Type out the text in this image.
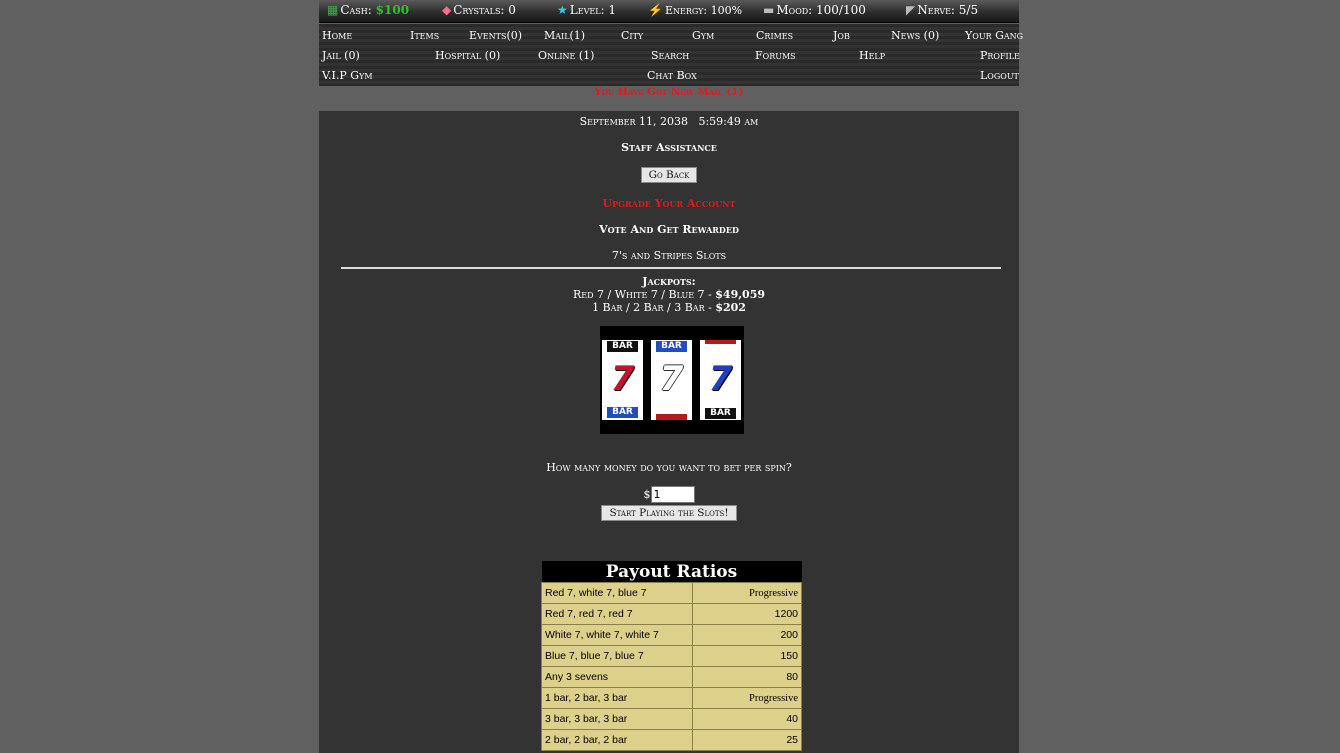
▦ Cash: $100	◆ Crystals: 0	★ Level: 1	⚡ Energy: 100% ▬ Mood: 100/100	◤ Nerve: 5/5
Home	Items	Events(0) Mail(1)	City	Gym	Crimes	Job	News (0) Your Gang
Jail (0)	Hospital (0)	Online (1)	Search	Forums	Help	Profile
V.I.P Gym	Chat Box	Logout
You Have Got New Mail (1)
September 11, 2038   5:59:49 am
Staff Assistance
Go Back
Upgrade Your Account
Vote And Get Rewarded
7's and Stripes Slots
Jackpots:
Red 7 / White 7 / Blue 7 - $49,059
1 Bar / 2 Bar / 3 Bar - $202
BAR
7
BAR
BAR
7 7
BAR
How many money do you want to bet per spin?
$1
Start Playing the Slots!
Payout Ratios	
Red 7, white 7, blue 7	Progressive
Red 7, red 7, red 7	1200
White 7, white 7, white 7	200
Blue 7, blue 7, blue 7	150
Any 3 sevens	80
1 bar, 2 bar, 3 bar	Progressive
3 bar, 3 bar, 3 bar	40
2 bar, 2 bar, 2 bar	25
